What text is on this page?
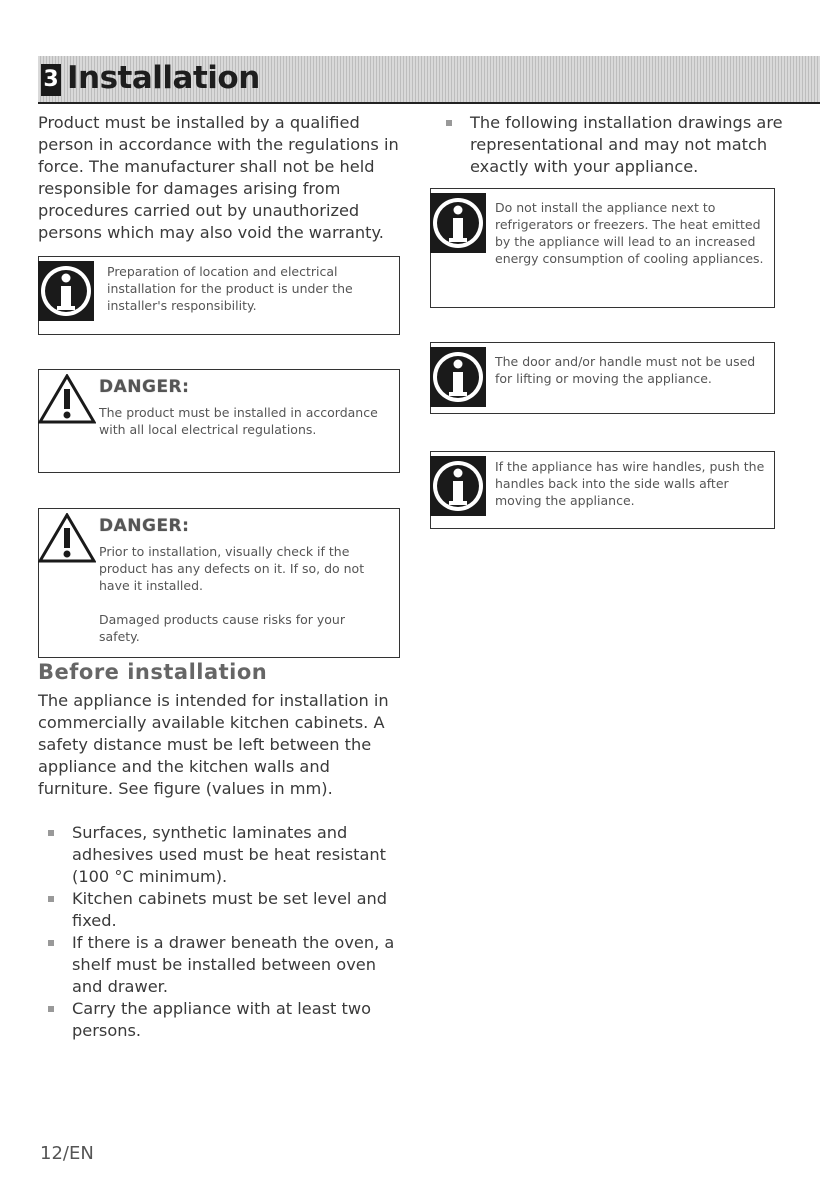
3 Installation
Product must be installed by a qualified person in accordance with the regulations in force. The manufacturer shall not be held responsible for damages arising from procedures carried out by unauthorized persons which may also void the warranty.
Preparation of location and electrical installation for the product is under the installer's responsibility.
DANGER:
The product must be installed in accordance with all local electrical regulations.
DANGER:
Prior to installation, visually check if the product has any defects on it. If so, do not have it installed.
Damaged products cause risks for your safety.
Before installation
The appliance is intended for installation in commercially available kitchen cabinets. A safety distance must be left between the appliance and the kitchen walls and furniture. See figure (values in mm).
Surfaces, synthetic laminates and adhesives used must be heat resistant (100 °C minimum).
Kitchen cabinets must be set level and fixed.
If there is a drawer beneath the oven, a shelf must be installed between oven and drawer.
Carry the appliance with at least two persons.
The following installation drawings are representational and may not match exactly with your appliance.
Do not install the appliance next to refrigerators or freezers. The heat emitted by the appliance will lead to an increased energy consumption of cooling appliances.
The door and/or handle must not be used for lifting or moving the appliance.
If the appliance has wire handles, push the handles back into the side walls after moving the appliance.
12/EN
